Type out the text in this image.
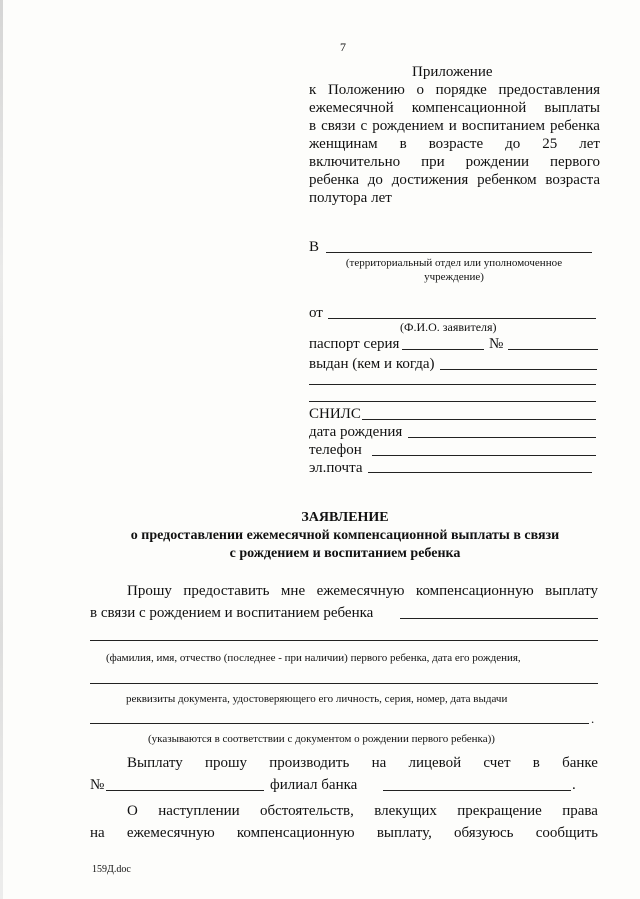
7
Приложение
к Положению о порядке предоставления
ежемесячной компенсационной выплаты
в связи с рождением и воспитанием ребенка
женщинам в возрасте до 25 лет
включительно при рождении первого
ребенка до достижения ребенком возраста
полутора лет
В
(территориальный отдел или уполномоченное
учреждение)
от
(Ф.И.О. заявителя)
паспорт серия	№
выдан (кем и когда)
СНИЛС
дата рождения
телефон
эл.почта
ЗАЯВЛЕНИЕ
о предоставлении ежемесячной компенсационной выплаты в связи
с рождением и воспитанием ребенка
Прошу предоставить мне ежемесячную компенсационную выплату
в связи с рождением и воспитанием ребенка
(фамилия, имя, отчество (последнее - при наличии) первого ребенка, дата его рождения,
реквизиты документа, удостоверяющего его личность, серия, номер, дата выдачи
.
(указываются в соответствии с документом о рождении первого ребенка))
Выплату прошу производить на лицевой счет в банке
№	филиал банка	.
О наступлении обстоятельств, влекущих прекращение права
на ежемесячную компенсационную выплату, обязуюсь сообщить
159Д.doc
